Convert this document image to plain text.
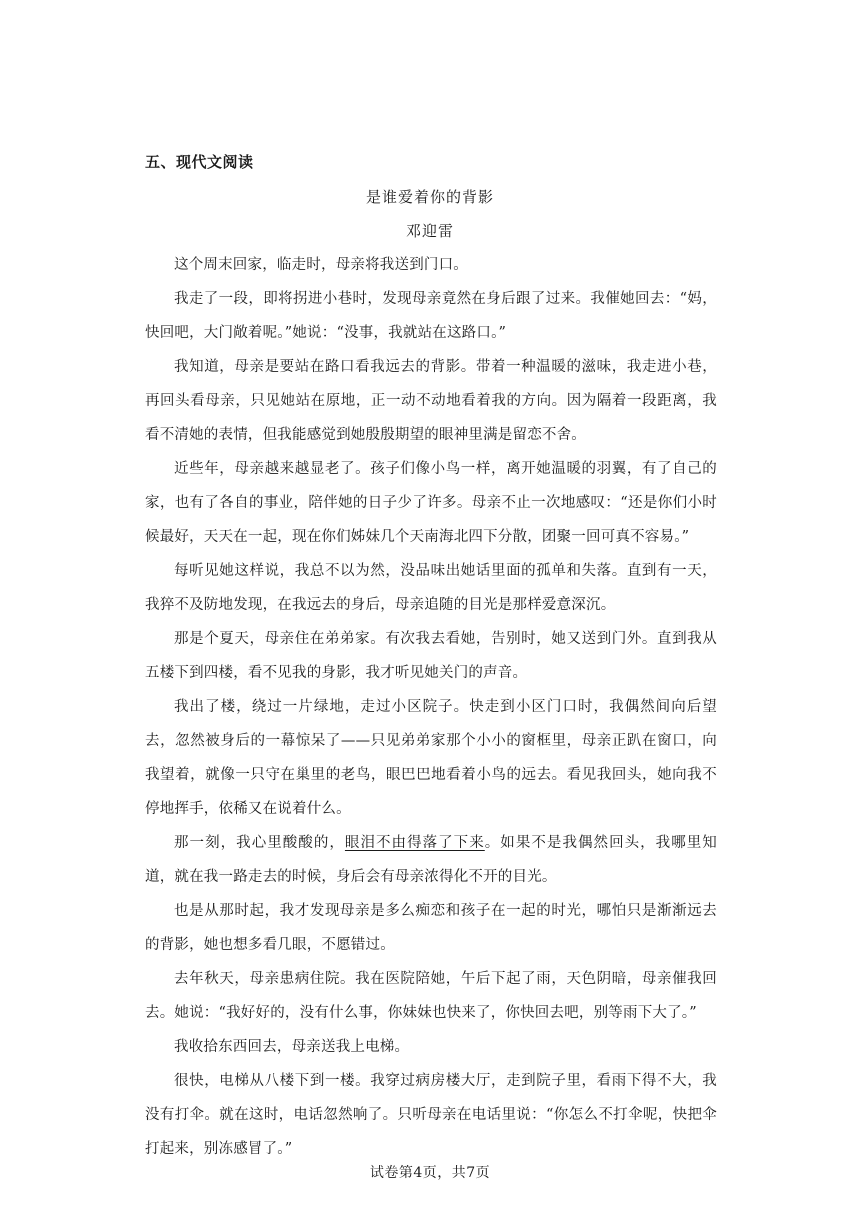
五、现代文阅读
是谁爱着你的背影
邓迎雷

这个周末回家，临走时，母亲将我送到门口。

我走了一段，即将拐进小巷时，发现母亲竟然在身后跟了过来。我催她回去：“妈，快回吧，大门敞着呢。”她说：“没事，我就站在这路口。”

我知道，母亲是要站在路口看我远去的背影。带着一种温暖的滋味，我走进小巷，再回头看母亲，只见她站在原地，正一动不动地看着我的方向。因为隔着一段距离，我看不清她的表情，但我能感觉到她殷殷期望的眼神里满是留恋不舍。

近些年，母亲越来越显老了。孩子们像小鸟一样，离开她温暖的羽翼，有了自己的家，也有了各自的事业，陪伴她的日子少了许多。母亲不止一次地感叹：“还是你们小时候最好，天天在一起，现在你们姊妹几个天南海北四下分散，团聚一回可真不容易。”

每听见她这样说，我总不以为然，没品味出她话里面的孤单和失落。直到有一天，我猝不及防地发现，在我远去的身后，母亲追随的目光是那样爱意深沉。

那是个夏天，母亲住在弟弟家。有次我去看她，告别时，她又送到门外。直到我从五楼下到四楼，看不见我的身影，我才听见她关门的声音。

我出了楼，绕过一片绿地，走过小区院子。快走到小区门口时，我偶然间向后望去，忽然被身后的一幕惊呆了——只见弟弟家那个小小的窗框里，母亲正趴在窗口，向我望着，就像一只守在巢里的老鸟，眼巴巴地看着小鸟的远去。看见我回头，她向我不停地挥手，依稀又在说着什么。

那一刻，我心里酸酸的，眼泪不由得落了下来。如果不是我偶然回头，我哪里知道，就在我一路走去的时候，身后会有母亲浓得化不开的目光。

也是从那时起，我才发现母亲是多么痴恋和孩子在一起的时光，哪怕只是渐渐远去的背影，她也想多看几眼，不愿错过。

去年秋天，母亲患病住院。我在医院陪她，午后下起了雨，天色阴暗，母亲催我回去。她说：“我好好的，没有什么事，你妹妹也快来了，你快回去吧，别等雨下大了。”

我收拾东西回去，母亲送我上电梯。

很快，电梯从八楼下到一楼。我穿过病房楼大厅，走到院子里，看雨下得不大，我没有打伞。就在这时，电话忽然响了。只听母亲在电话里说：“你怎么不打伞呢，快把伞打起来，别冻感冒了。”

试卷第4页，共7页
